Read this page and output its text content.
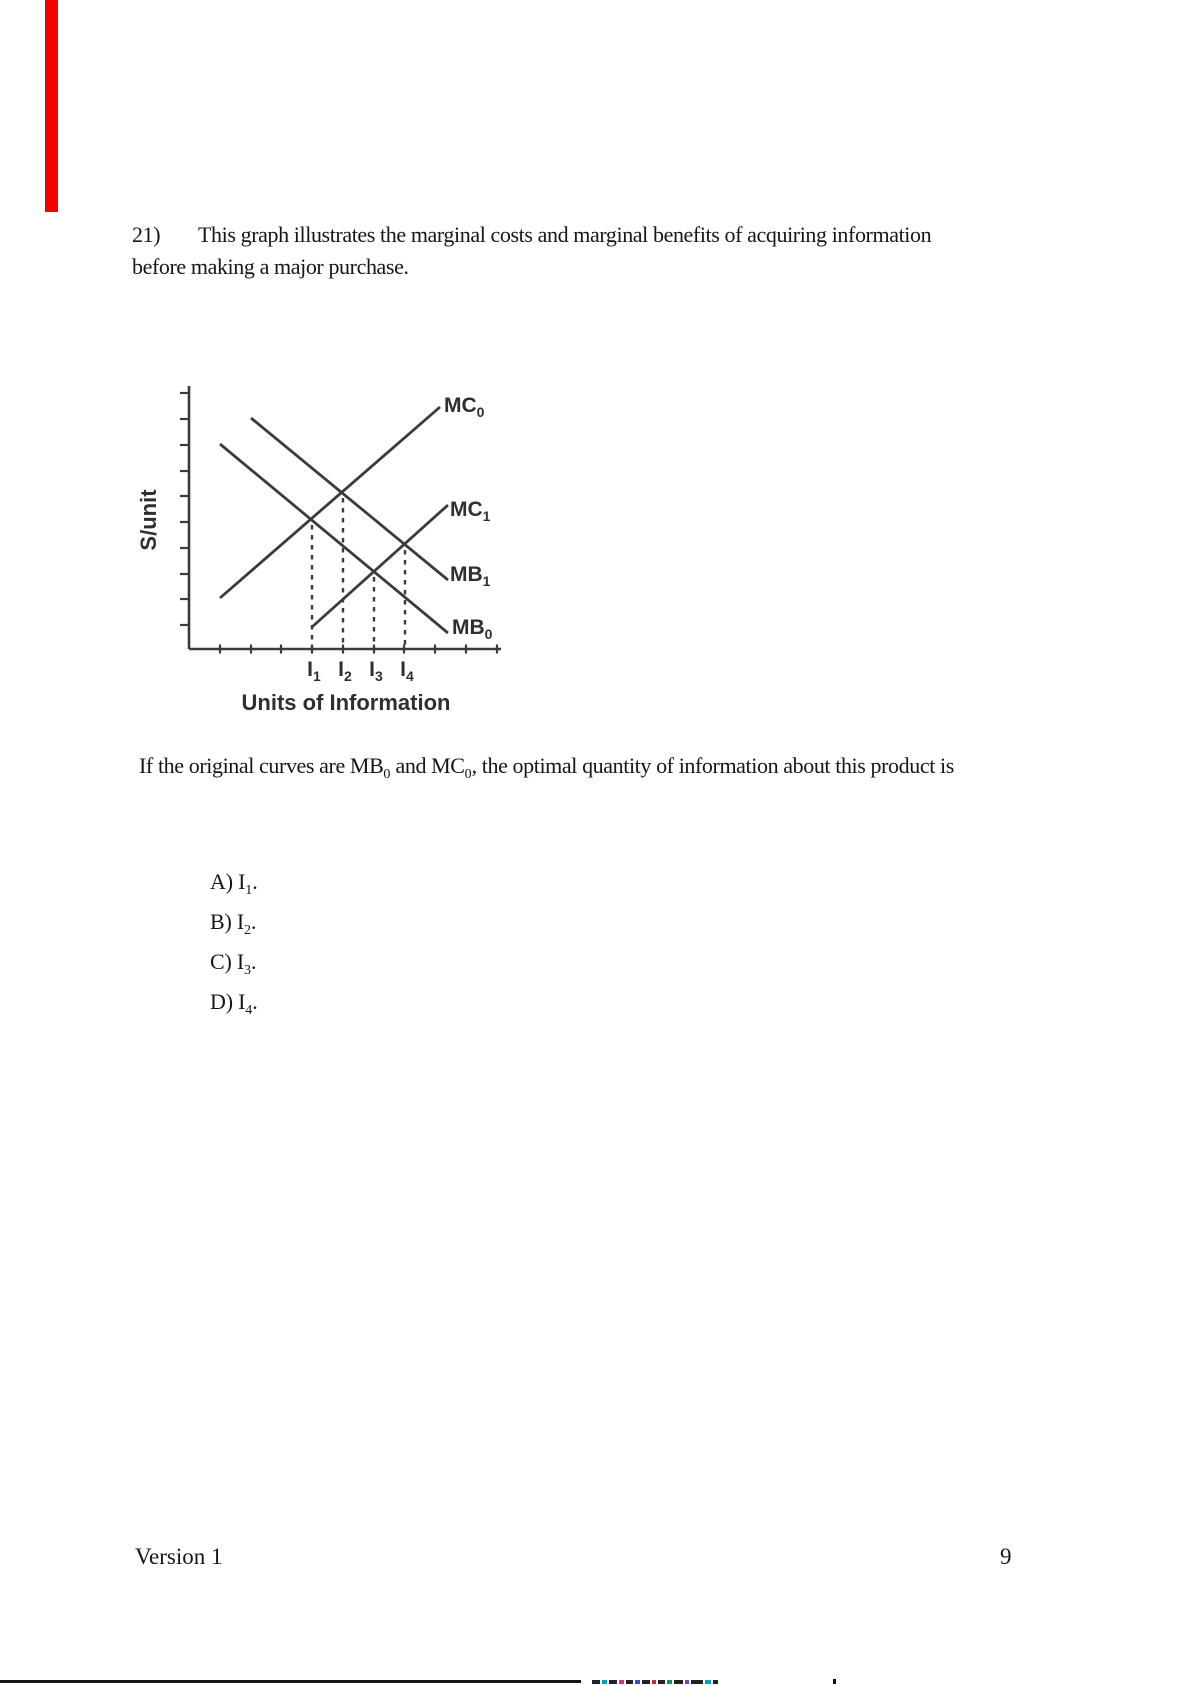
21) This graph illustrates the marginal costs and marginal benefits of acquiring information
before making a major purchase.
$MC_0$
$MC_1$
$MB_1$
$MB_0$
$I_1$ $I_2$ $I_3$ $I_4$
S/unit
Units of Information
If the original curves are $MB_0$ and $MC_0$, the optimal quantity of information about this product is
A) $I_1$.
B) $I_2$.
C) $I_3$.
D) $I_4$.
Version 1	9
